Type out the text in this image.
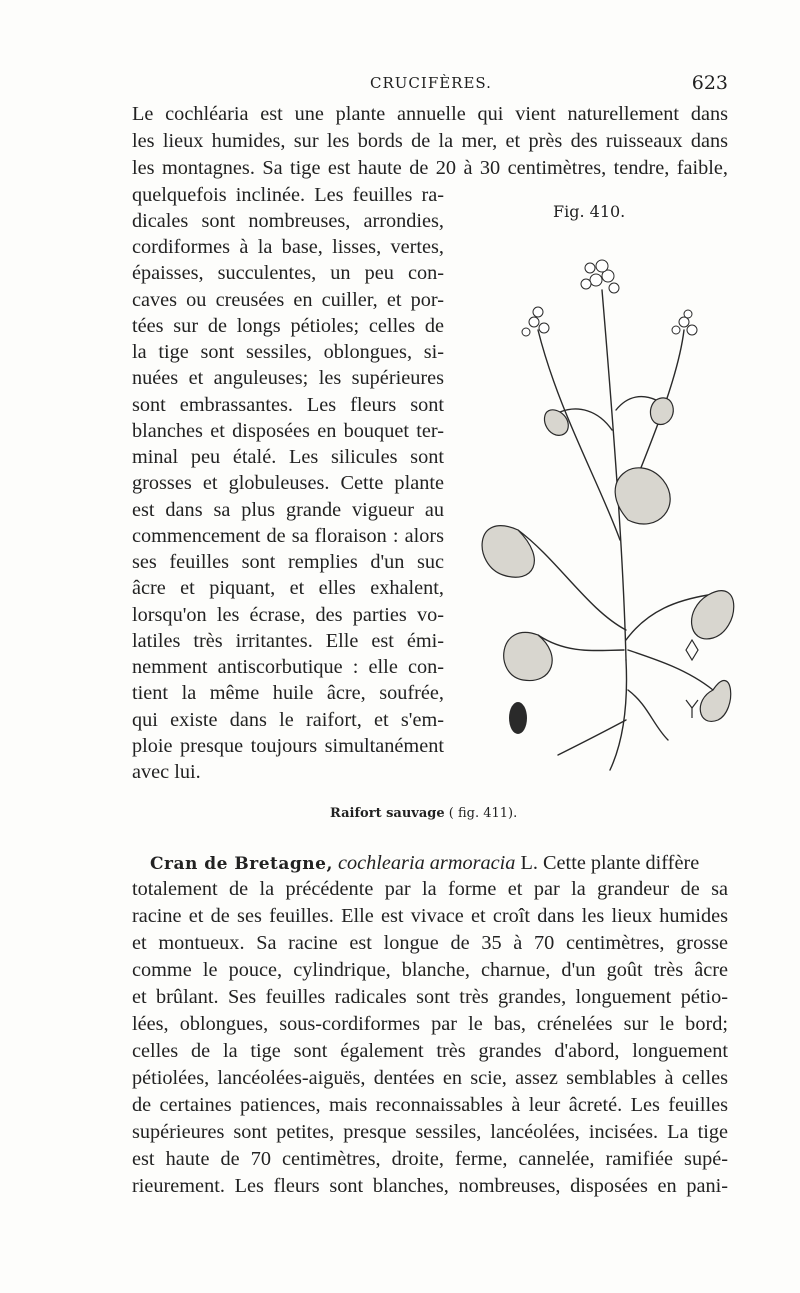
CRUCIFÈRES.	623
Le cochléaria est une plante annuelle qui vient naturellement dans
les lieux humides, sur les bords de la mer, et près des ruisseaux dans
les montagnes. Sa tige est haute de 20 à 30 centimètres, tendre, faible,
quelquefois inclinée. Les feuilles ra-
dicales sont nombreuses, arrondies,
cordiformes à la base, lisses, vertes,
épaisses, succulentes, un peu con-
caves ou creusées en cuiller, et por-
tées sur de longs pétioles; celles de
la tige sont sessiles, oblongues, si-
nuées et anguleuses; les supérieures
sont embrassantes. Les fleurs sont
blanches et disposées en bouquet ter-
minal peu étalé. Les silicules sont
grosses et globuleuses. Cette plante
est dans sa plus grande vigueur au
commencement de sa floraison : alors
ses feuilles sont remplies d'un suc
âcre et piquant, et elles exhalent,
lorsqu'on les écrase, des parties vo-
latiles très irritantes. Elle est émi-
nemment antiscorbutique : elle con-
tient la même huile âcre, soufrée,
qui existe dans le raifort, et s'em-
ploie presque toujours simultanément
avec lui.
Fig. 410.
Raifort sauvage ( fig. 411).
Cran de Bretagne, cochlearia armoracia L. Cette plante diffère
totalement de la précédente par la forme et par la grandeur de sa
racine et de ses feuilles. Elle est vivace et croît dans les lieux humides
et montueux. Sa racine est longue de 35 à 70 centimètres, grosse
comme le pouce, cylindrique, blanche, charnue, d'un goût très âcre
et brûlant. Ses feuilles radicales sont très grandes, longuement pétio-
lées, oblongues, sous-cordiformes par le bas, crénelées sur le bord;
celles de la tige sont également très grandes d'abord, longuement
pétiolées, lancéolées-aiguës, dentées en scie, assez semblables à celles
de certaines patiences, mais reconnaissables à leur âcreté. Les feuilles
supérieures sont petites, presque sessiles, lancéolées, incisées. La tige
est haute de 70 centimètres, droite, ferme, cannelée, ramifiée supé-
rieurement. Les fleurs sont blanches, nombreuses, disposées en pani-
